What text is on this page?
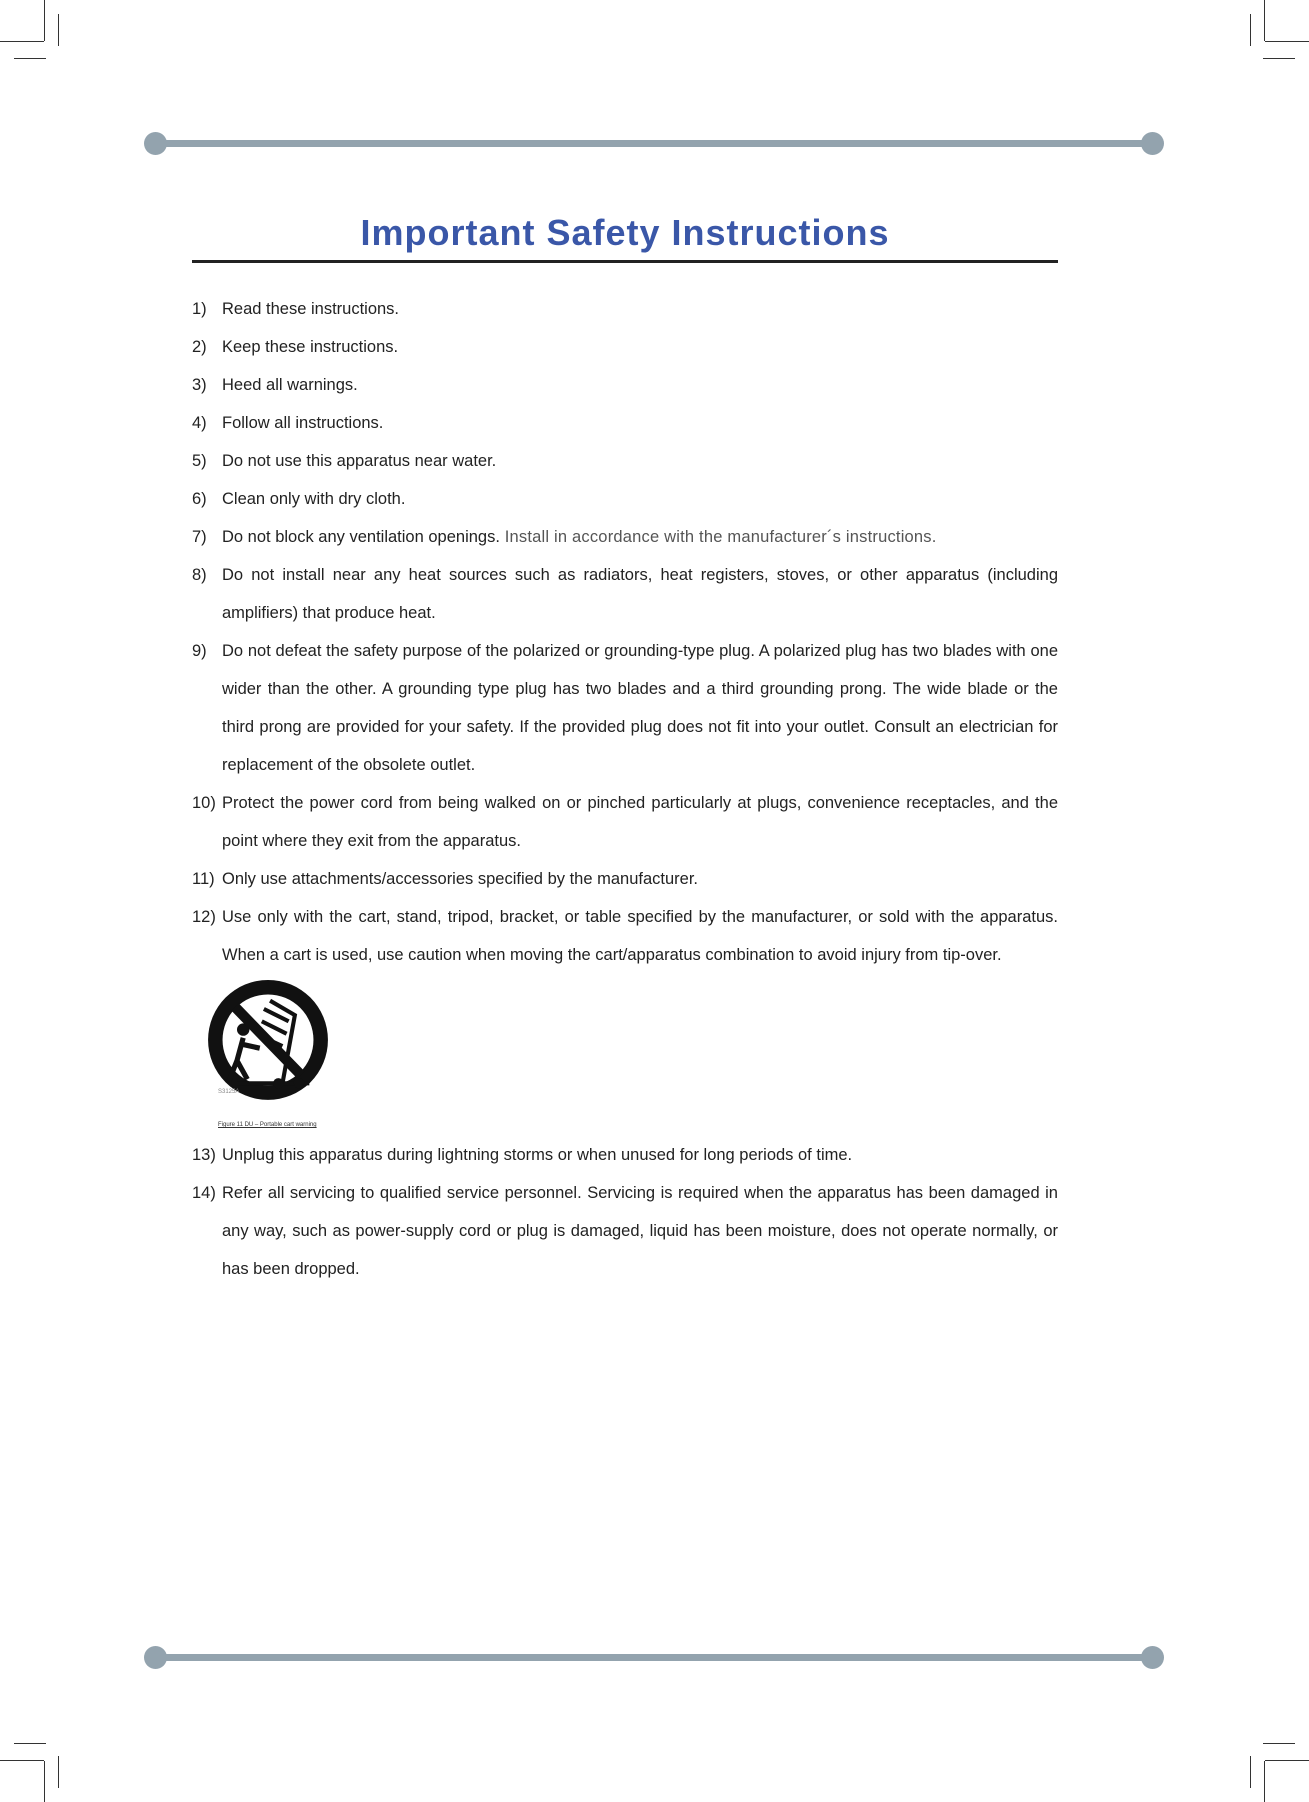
Important Safety Instructions
1) Read these instructions.
2) Keep these instructions.
3) Heed all warnings.
4) Follow all instructions.
5) Do not use this apparatus near water.
6) Clean only with dry cloth.
7) Do not block any ventilation openings. Install in accordance with the manufacturer´s instructions.
8) Do not install near any heat sources such as radiators, heat registers, stoves, or other apparatus (including amplifiers) that produce heat.
9) Do not defeat the safety purpose of the polarized or grounding-type plug. A polarized plug has two blades with one wider than the other. A grounding type plug has two blades and a third grounding prong. The wide blade or the third prong are provided for your safety. If the provided plug does not fit into your outlet. Consult an electrician for replacement of the obsolete outlet.
10) Protect the power cord from being walked on or pinched particularly at plugs, convenience receptacles, and the point where they exit from the apparatus.
11) Only use attachments/accessories specified by the manufacturer.
12) Use only with the cart, stand, tripod, bracket, or table specified by the manufacturer, or sold with the apparatus. When a cart is used, use caution when moving the cart/apparatus combination to avoid injury from tip-over.
S3125A
Figure 11 DU – Portable cart warning
13) Unplug this apparatus during lightning storms or when unused for long periods of time.
14) Refer all servicing to qualified service personnel. Servicing is required when the apparatus has been damaged in any way, such as power-supply cord or plug is damaged, liquid has been moisture, does not operate normally, or has been dropped.
